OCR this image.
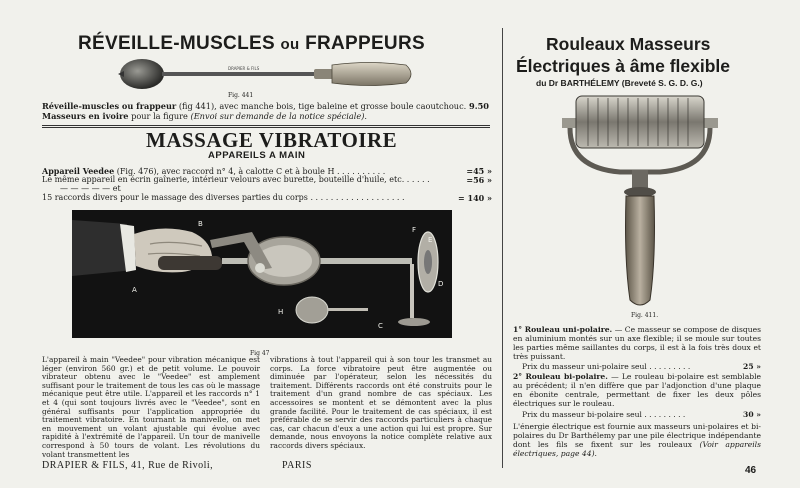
RÉVEILLE-MUSCLES ou FRAPPEURS
DRAPIER & FILS
Fig. 441
Réveille-muscles ou frappeur (fig 441), avec manche bois, tige baleine et grosse boule caoutchouc. 9.50
Masseurs en ivoire pour la figure (Envoi sur demande de la notice spéciale).
MASSAGE VIBRATOIRE
APPAREILS A MAIN
Appareil Veedee (Fig. 476), avec raccord n° 4, à calotte C et à boule H . . . . . . . . . .	=45 »
Le même appareil en écrin gaînerie, intérieur velours avec burette, bouteille d'huile, etc. . . . . .	=56 »
— — — — — et
15 raccords divers pour le massage des diverses parties du corps . . . . . . . . . . . . . . . . . . .	= 140 »
B
A
F
E
D
H
C
Fig 47
L'appareil à main "Veedee" pour vibration mécanique est léger (environ 560 gr.) et de petit volume. Le pouvoir vibrateur obtenu avec le "Veedee" est amplement suffisant pour le traitement de tous les cas où le massage mécanique peut être utile. L'appareil et les raccords n° 1 et 4 (qui sont toujours livrés avec le "Veedee", sont en général suffisants pour l'application appropriée du traitement vibratoire. En tournant la manivelle, on met en mouvement un volant ajustable qui évolue avec rapidité à l'extrémité de l'appareil. Un tour de manivelle correspond à 50 tours de volant. Les révolutions du volant transmettent les
vibrations à tout l'appareil qui à son tour les transmet au corps. La force vibratoire peut être augmentée ou diminuée par l'opérateur, selon les nécessités du traitement. Différents raccords ont été construits pour le traitement d'un grand nombre de cas spéciaux. Les accessoires se montent et se démontent avec la plus grande facilité. Pour le traitement de cas spéciaux, il est préférable de se servir des raccords particuliers à chaque cas, car chacun d'eux a une action qui lui est propre. Sur demande, nous envoyons la notice complète relative aux raccords divers spéciaux.
DRAPIER & FILS, 41, Rue de Rivoli,	PARIS
Rouleaux Masseurs
Électriques à âme flexible
du Dr BARTHÉLEMY (Breveté S. G. D. G.)
Fig. 411.
1° Rouleau uni-polaire. — Ce masseur se compose de disques en aluminium montés sur un axe flexible; il se moule sur toutes les parties même saillantes du corps, il est à la fois très doux et très puissant.
Prix du masseur uni-polaire seul . . . . . . . . .	25 »
2° Rouleau bi-polaire. — Le rouleau bi-polaire est semblable au précédent; il n'en diffère que par l'adjonction d'une plaque en ébonite centrale, permettant de fixer les deux pôles électriques sur le rouleau.
Prix du masseur bi-polaire seul . . . . . . . . .	30 »
L'énergie électrique est fournie aux masseurs uni-polaires et bi-polaires du Dr Barthélemy par une pile électrique indépendante dont les fils se fixent sur les rouleaux (Voir appareils électriques, page 44).
46
